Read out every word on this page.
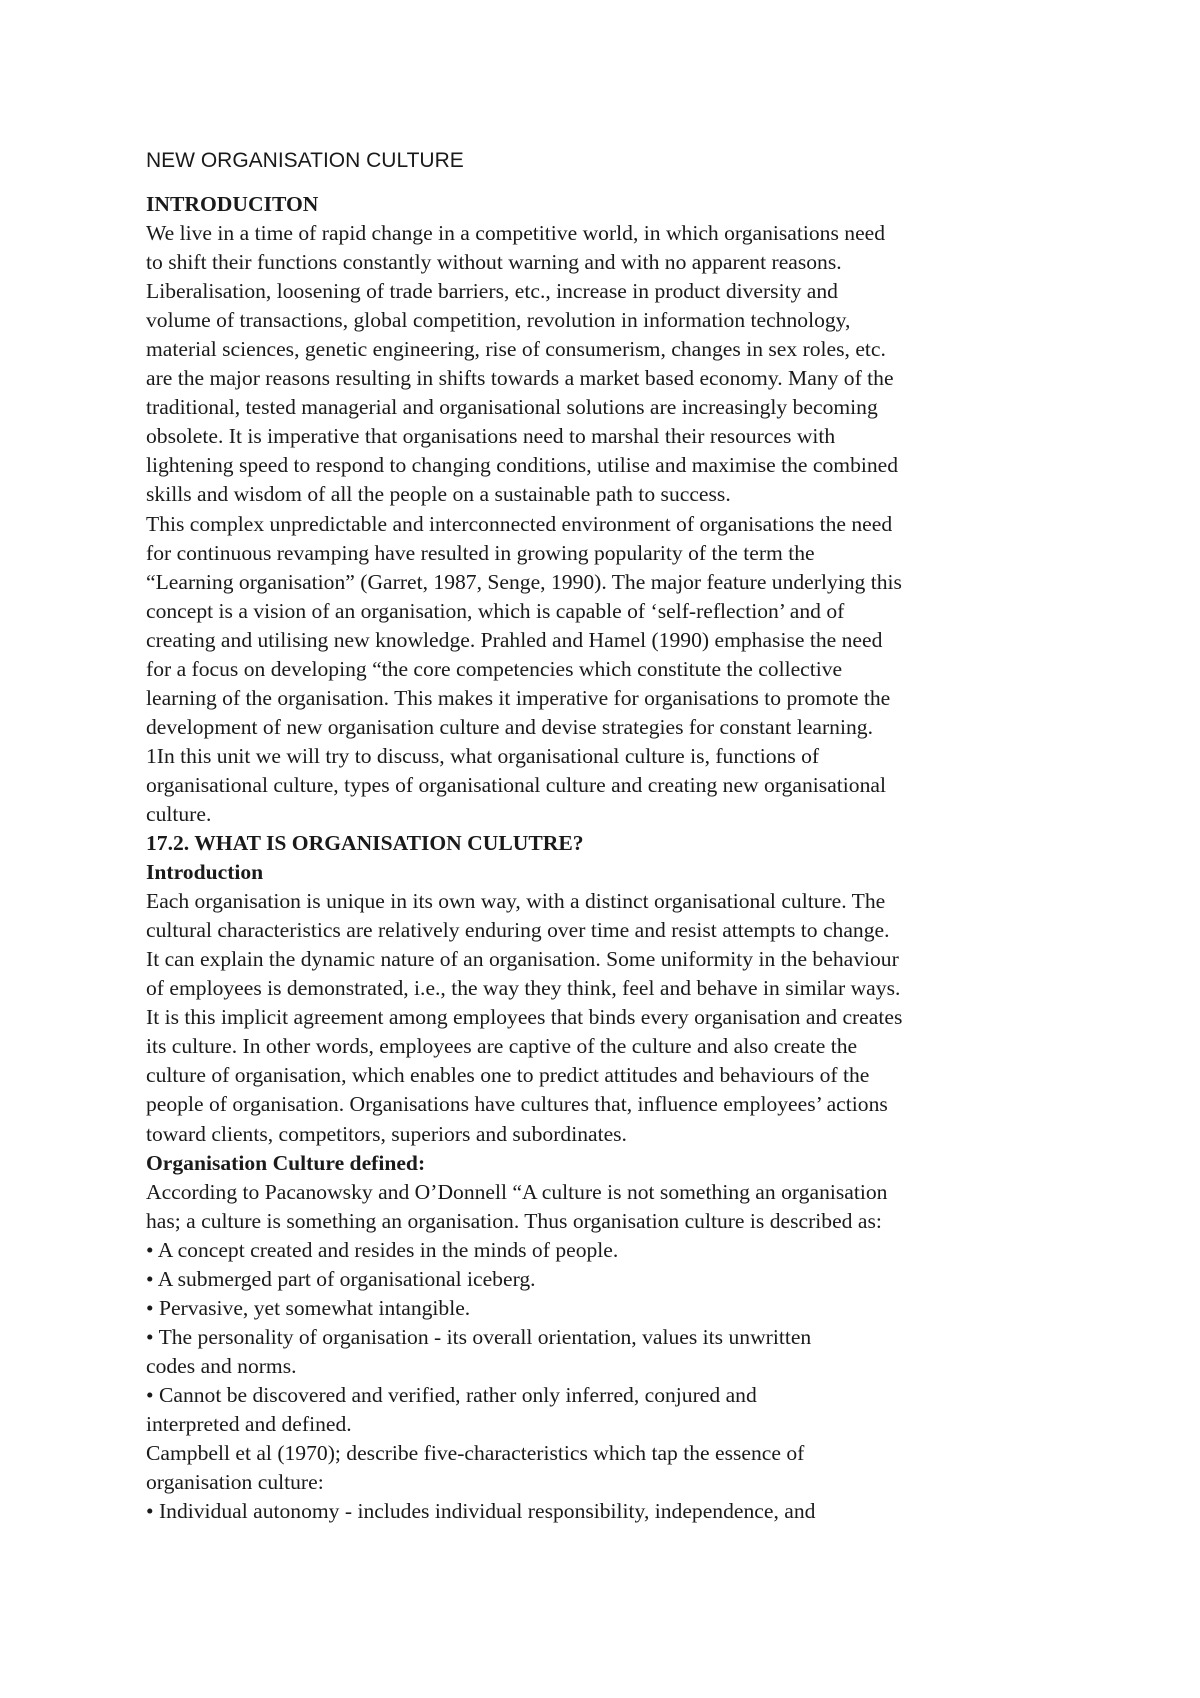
NEW ORGANISATION CULTURE
INTRODUCITON
We live in a time of rapid change in a competitive world, in which organisations need
to shift their functions constantly without warning and with no apparent reasons.
Liberalisation, loosening of trade barriers, etc., increase in product diversity and
volume of transactions, global competition, revolution in information technology,
material sciences, genetic engineering, rise of consumerism, changes in sex roles, etc.
are the major reasons resulting in shifts towards a market based economy. Many of the
traditional, tested managerial and organisational solutions are increasingly becoming
obsolete. It is imperative that organisations need to marshal their resources with
lightening speed to respond to changing conditions, utilise and maximise the combined
skills and wisdom of all the people on a sustainable path to success.
This complex unpredictable and interconnected environment of organisations the need
for continuous revamping have resulted in growing popularity of the term the
“Learning organisation” (Garret, 1987, Senge, 1990). The major feature underlying this
concept is a vision of an organisation, which is capable of ‘self-reflection’ and of
creating and utilising new knowledge. Prahled and Hamel (1990) emphasise the need
for a focus on developing “the core competencies which constitute the collective
learning of the organisation. This makes it imperative for organisations to promote the
development of new organisation culture and devise strategies for constant learning.
1In this unit we will try to discuss, what organisational culture is, functions of
organisational culture, types of organisational culture and creating new organisational
culture.
17.2. WHAT IS ORGANISATION CULUTRE?
Introduction
Each organisation is unique in its own way, with a distinct organisational culture. The
cultural characteristics are relatively enduring over time and resist attempts to change.
It can explain the dynamic nature of an organisation. Some uniformity in the behaviour
of employees is demonstrated, i.e., the way they think, feel and behave in similar ways.
It is this implicit agreement among employees that binds every organisation and creates
its culture. In other words, employees are captive of the culture and also create the
culture of organisation, which enables one to predict attitudes and behaviours of the
people of organisation. Organisations have cultures that, influence employees’ actions
toward clients, competitors, superiors and subordinates.
Organisation Culture defined:
According to Pacanowsky and O’Donnell “A culture is not something an organisation
has; a culture is something an organisation. Thus organisation culture is described as:
• A concept created and resides in the minds of people.
• A submerged part of organisational iceberg.
• Pervasive, yet somewhat intangible.
• The personality of organisation - its overall orientation, values its unwritten
codes and norms.
• Cannot be discovered and verified, rather only inferred, conjured and
interpreted and defined.
Campbell et al (1970); describe five-characteristics which tap the essence of
organisation culture:
• Individual autonomy - includes individual responsibility, independence, and
